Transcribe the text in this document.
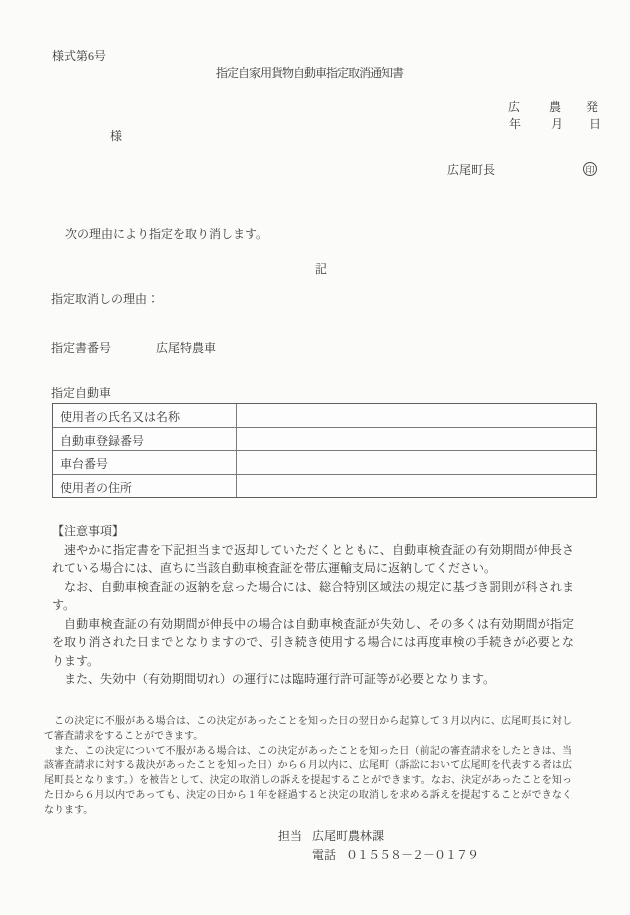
様式第6号
指定自家用貨物自動車指定取消通知書
広 農 発
年 月 日
様
広尾町長	印
次の理由により指定を取り消します。
記
指定取消しの理由：
指定書番号	広尾特農車
指定自動車
使用者の氏名又は名称
自動車登録番号
車台番号
使用者の住所

【注意事項】

速やかに指定書を下記担当まで返却していただくとともに、自動車検査証の有効期間が伸長されている場合には、直ちに当該自動車検査証を帯広運輸支局に返納してください。

なお、自動車検査証の返納を怠った場合には、総合特別区域法の規定に基づき罰則が科されます。

自動車検査証の有効期間が伸長中の場合は自動車検査証が失効し、その多くは有効期間が指定を取り消された日までとなりますので、引き続き使用する場合には再度車検の手続きが必要となります。

また、失効中（有効期間切れ）の運行には臨時運行許可証等が必要となります。

この決定に不服がある場合は、この決定があったことを知った日の翌日から起算して３月以内に、広尾町長に対して審査請求をすることができます。

また、この決定について不服がある場合は、この決定があったことを知った日（前記の審査請求をしたときは、当該審査請求に対する裁決があったことを知った日）から６月以内に、広尾町（訴訟において広尾町を代表する者は広尾町長となります。）を被告として、決定の取消しの訴えを提起することができます。なお、決定があったことを知った日から６月以内であっても、決定の日から１年を経過すると決定の取消しを求める訴えを提起することができなくなります。

担当 広尾町農林課
電話 ０１５５８－２－０１７９
